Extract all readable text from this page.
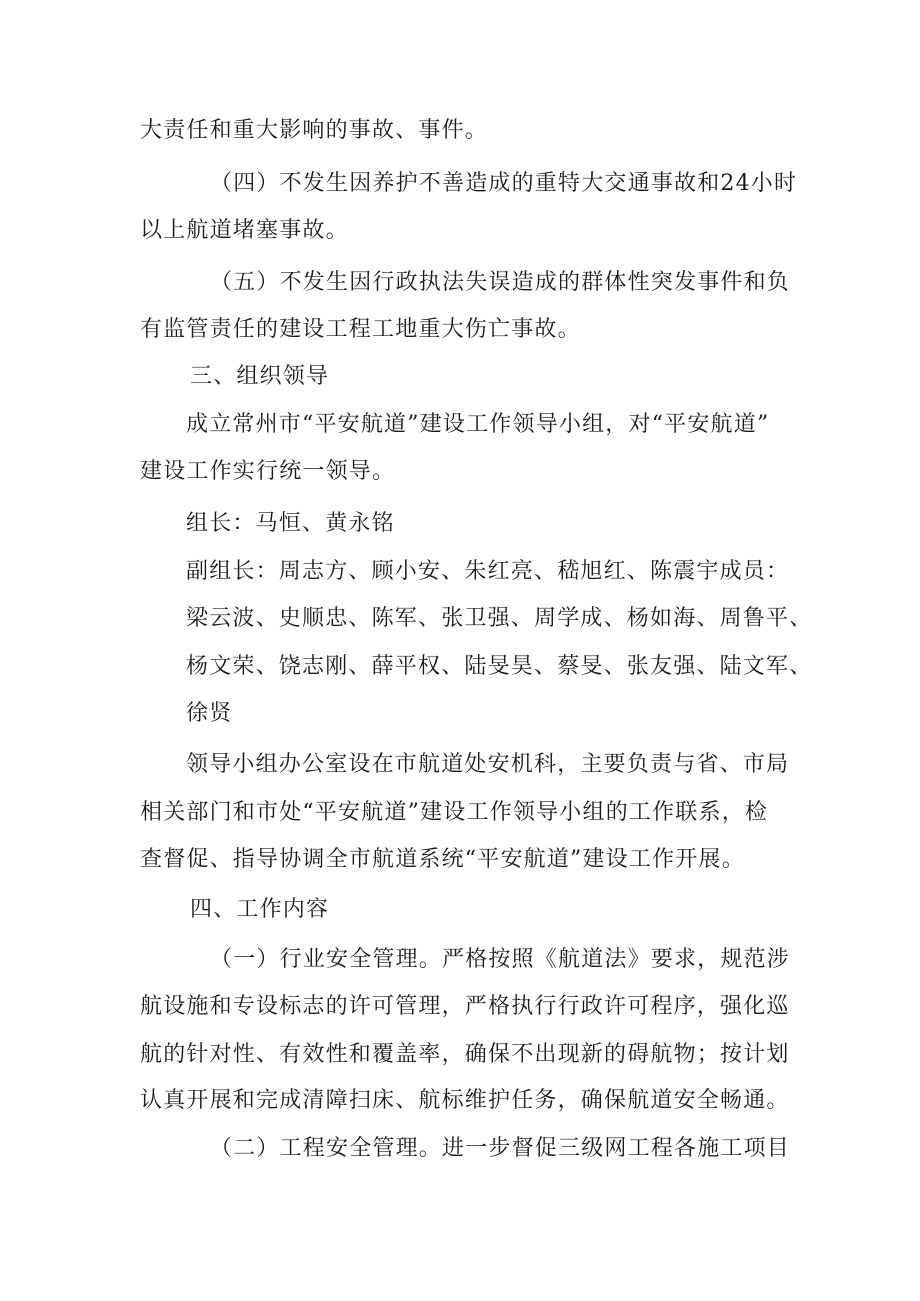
大责任和重大影响的事故、事件。
（四）不发生因养护不善造成的重特大交通事故和24小时
以上航道堵塞事故。
（五）不发生因行政执法失误造成的群体性突发事件和负
有监管责任的建设工程工地重大伤亡事故。
三、组织领导
成立常州市“平安航道”建设工作领导小组，对“平安航道”
建设工作实行统一领导。
组长：马恒、黄永铭
副组长：周志方、顾小安、朱红亮、嵇旭红、陈震宇成员：
梁云波、史顺忠、陈军、张卫强、周学成、杨如海、周鲁平、
杨文荣、饶志刚、薛平权、陆旻昊、蔡旻、张友强、陆文军、
徐贤
领导小组办公室设在市航道处安机科，主要负责与省、市局
相关部门和市处“平安航道”建设工作领导小组的工作联系，检
查督促、指导协调全市航道系统“平安航道”建设工作开展。
四、工作内容
（一）行业安全管理。严格按照《航道法》要求，规范涉
航设施和专设标志的许可管理，严格执行行政许可程序，强化巡
航的针对性、有效性和覆盖率，确保不出现新的碍航物；按计划
认真开展和完成清障扫床、航标维护任务，确保航道安全畅通。
（二）工程安全管理。进一步督促三级网工程各施工项目
